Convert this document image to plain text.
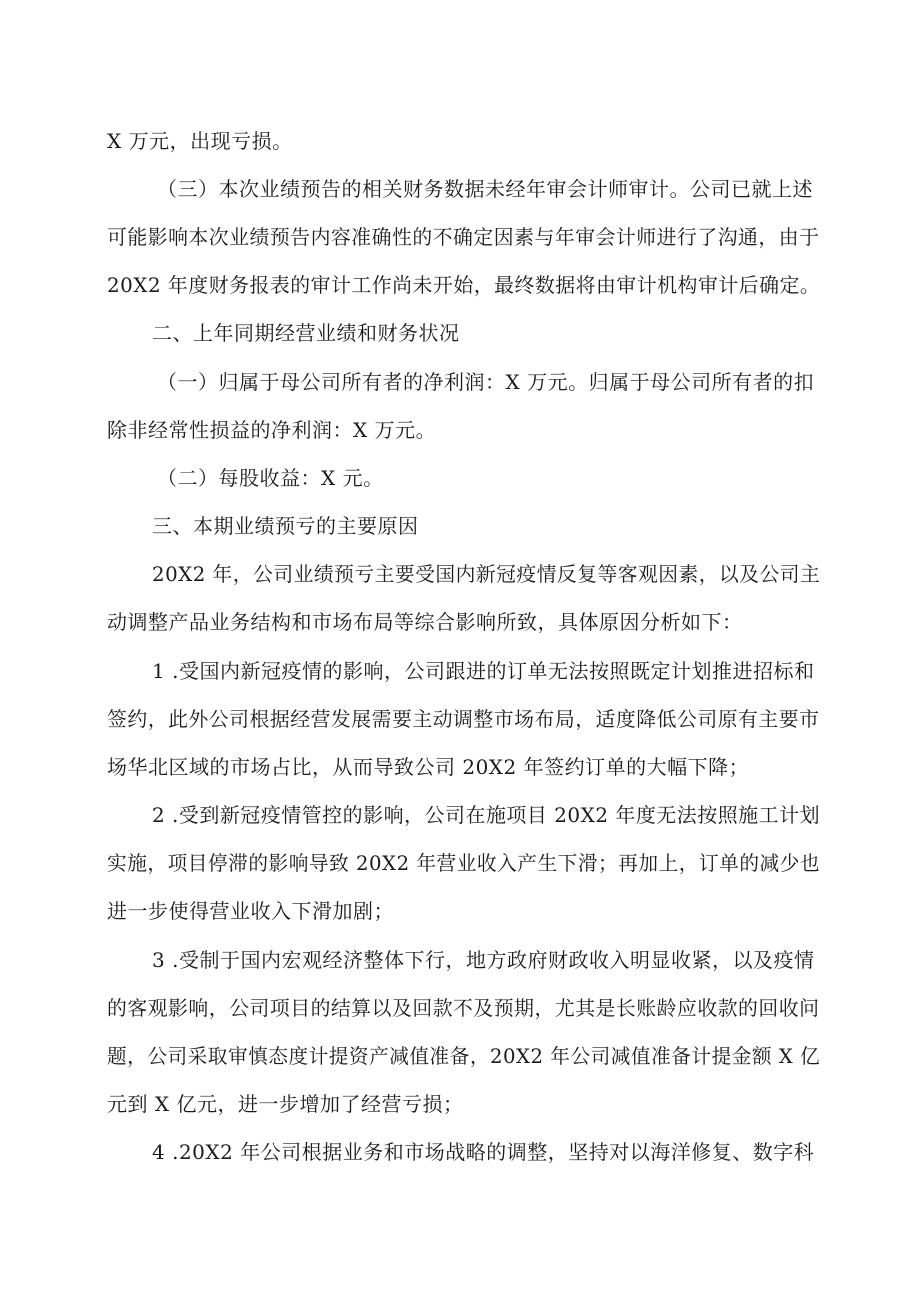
X 万元，出现亏损。
（三）本次业绩预告的相关财务数据未经年审会计师审计。公司已就上述
可能影响本次业绩预告内容准确性的不确定因素与年审会计师进行了沟通，由于
20X2 年度财务报表的审计工作尚未开始，最终数据将由审计机构审计后确定。
二、上年同期经营业绩和财务状况
（一）归属于母公司所有者的净利润：X 万元。归属于母公司所有者的扣
除非经常性损益的净利润：X 万元。
（二）每股收益：X 元。
三、本期业绩预亏的主要原因
20X2 年，公司业绩预亏主要受国内新冠疫情反复等客观因素，以及公司主
动调整产品业务结构和市场布局等综合影响所致，具体原因分析如下：
1 .受国内新冠疫情的影响，公司跟进的订单无法按照既定计划推进招标和
签约，此外公司根据经营发展需要主动调整市场布局，适度降低公司原有主要市
场华北区域的市场占比，从而导致公司 20X2 年签约订单的大幅下降；
2 .受到新冠疫情管控的影响，公司在施项目 20X2 年度无法按照施工计划
实施，项目停滞的影响导致 20X2 年营业收入产生下滑；再加上，订单的减少也
进一步使得营业收入下滑加剧；
3 .受制于国内宏观经济整体下行，地方政府财政收入明显收紧，以及疫情
的客观影响，公司项目的结算以及回款不及预期，尤其是长账龄应收款的回收问
题，公司采取审慎态度计提资产减值准备，20X2 年公司减值准备计提金额 X 亿
元到 X 亿元，进一步增加了经营亏损；
4 .20X2 年公司根据业务和市场战略的调整，坚持对以海洋修复、数字科
